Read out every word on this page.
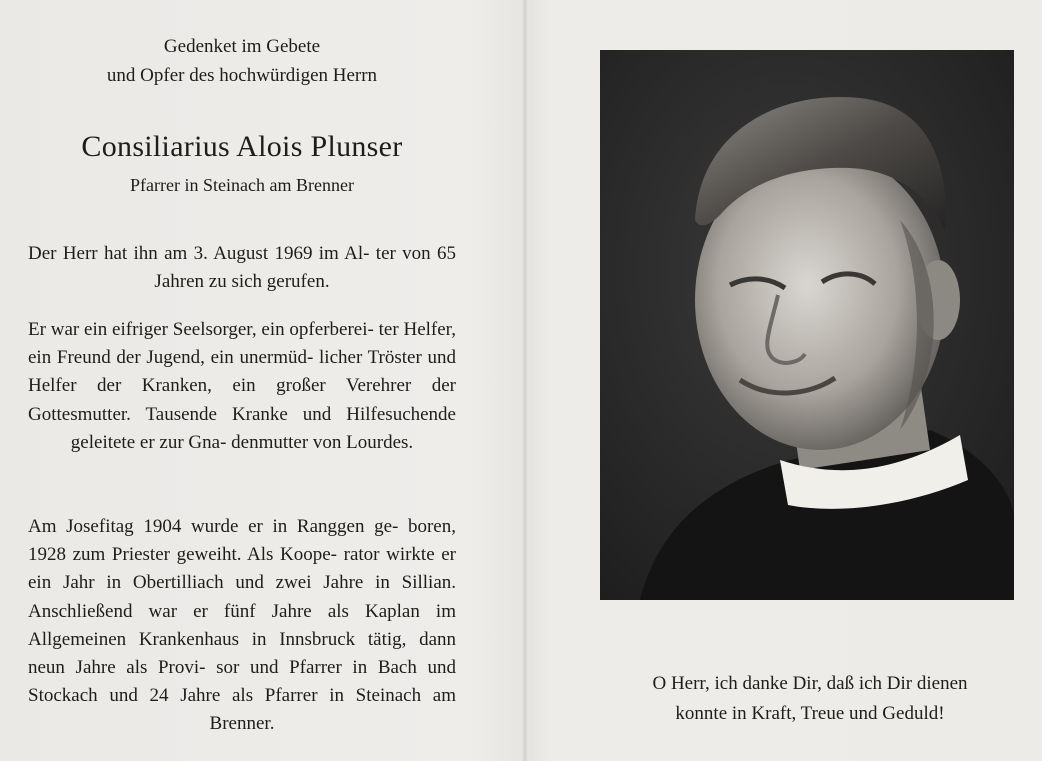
Gedenket im Gebete
und Opfer des hochwürdigen Herrn
Consiliarius Alois Plunser
Pfarrer in Steinach am Brenner
Der Herr hat ihn am 3. August 1969 im Al- ter von 65 Jahren zu sich gerufen.
Er war ein eifriger Seelsorger, ein opferberei- ter Helfer, ein Freund der Jugend, ein unermüd- licher Tröster und Helfer der Kranken, ein großer Verehrer der Gottesmutter. Tausende Kranke und Hilfesuchende geleitete er zur Gna- denmutter von Lourdes.
Am Josefitag 1904 wurde er in Ranggen ge- boren, 1928 zum Priester geweiht. Als Koope- rator wirkte er ein Jahr in Obertilliach und zwei Jahre in Sillian. Anschließend war er fünf Jahre als Kaplan im Allgemeinen Krankenhaus in Innsbruck tätig, dann neun Jahre als Provi- sor und Pfarrer in Bach und Stockach und 24 Jahre als Pfarrer in Steinach am Brenner.
O Herr, ich danke Dir, daß ich Dir dienen
konnte in Kraft, Treue und Geduld!
